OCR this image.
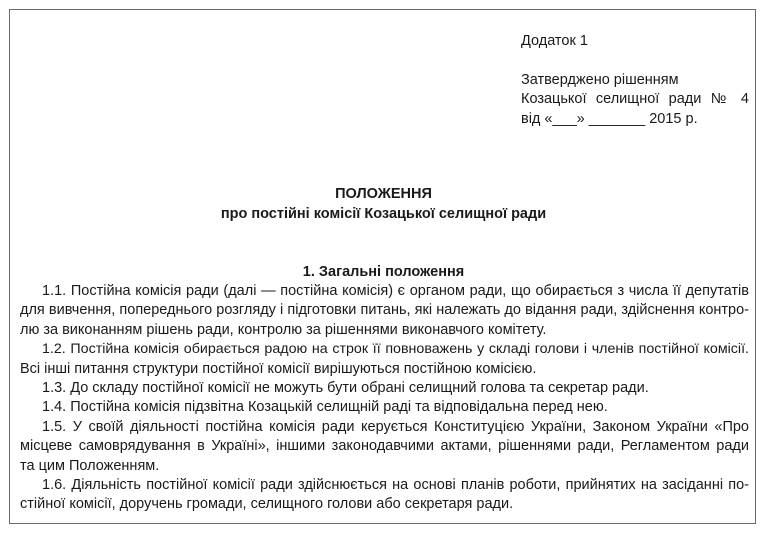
Додаток 1
Затверджено рішенням
Козацької селищної ради № 4
від «___» _______ 2015 р.
ПОЛОЖЕННЯ
про постійні комісії Козацької селищної ради
1. Загальні положення
1.1. Постійна комісія ради (далі — постійна комісія) є органом ради, що обирається з числа її депутатів
для вивчення, попереднього розгляду і підготовки питань, які належать до відання ради, здійснення контро-
лю за виконанням рішень ради, контролю за рішеннями виконавчого комітету.
1.2. Постійна комісія обирається радою на строк її повноважень у складі голови і членів постійної комісії.
Всі інші питання структури постійної комісії вирішуються постійною комісією.
1.3. До складу постійної комісії не можуть бути обрані селищний голова та секретар ради.
1.4. Постійна комісія підзвітна Козацькій селищній раді та відповідальна перед нею.
1.5. У своїй діяльності постійна комісія ради керується Конституцією України, Законом України «Про
місцеве самоврядування в Україні», іншими законодавчими актами, рішеннями ради, Регламентом ради
та цим Положенням.
1.6. Діяльність постійної комісії ради здійснюється на основі планів роботи, прийнятих на засіданні по-
стійної комісії, доручень громади, селищного голови або секретаря ради.
